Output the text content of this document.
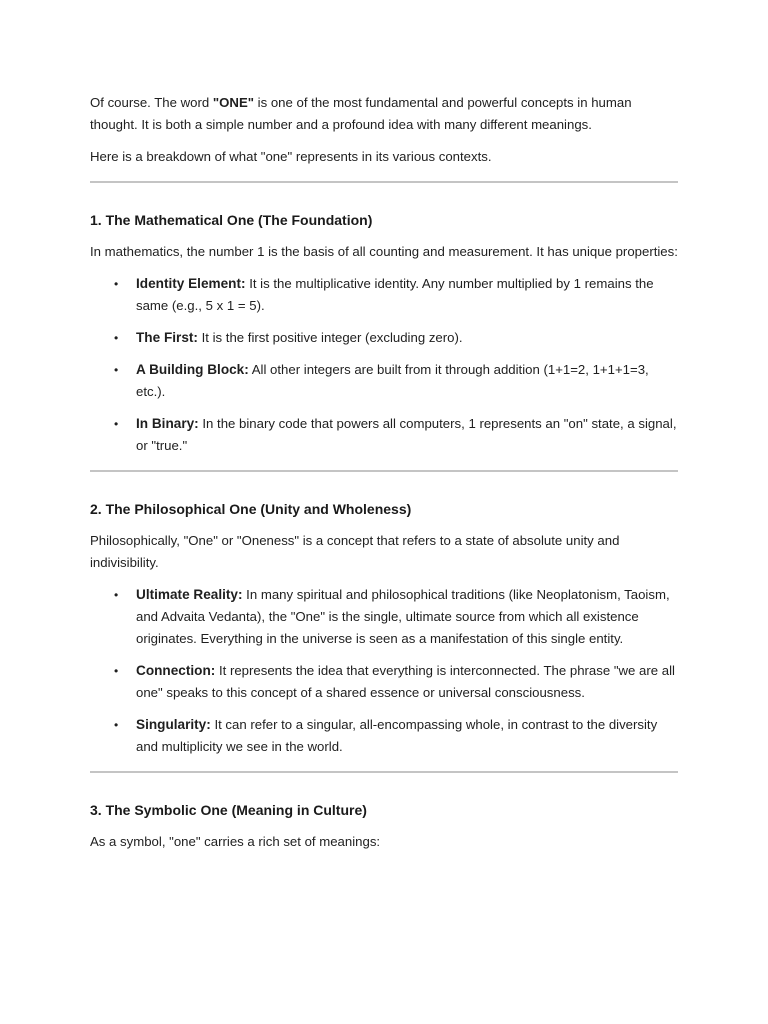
Of course. The word "ONE" is one of the most fundamental and powerful concepts in human thought. It is both a simple number and a profound idea with many different meanings.

Here is a breakdown of what "one" represents in its various contexts.

1. The Mathematical One (The Foundation)

In mathematics, the number 1 is the basis of all counting and measurement. It has unique properties:

• Identity Element: It is the multiplicative identity. Any number multiplied by 1 remains the same (e.g., 5 x 1 = 5).
• The First: It is the first positive integer (excluding zero).
• A Building Block: All other integers are built from it through addition (1+1=2, 1+1+1=3, etc.).
• In Binary: In the binary code that powers all computers, 1 represents an "on" state, a signal, or "true."
2. The Philosophical One (Unity and Wholeness)

Philosophically, "One" or "Oneness" is a concept that refers to a state of absolute unity and indivisibility.

• Ultimate Reality: In many spiritual and philosophical traditions (like Neoplatonism, Taoism, and Advaita Vedanta), the "One" is the single, ultimate source from which all existence originates. Everything in the universe is seen as a manifestation of this single entity.
• Connection: It represents the idea that everything is interconnected. The phrase "we are all one" speaks to this concept of a shared essence or universal consciousness.
• Singularity: It can refer to a singular, all-encompassing whole, in contrast to the diversity and multiplicity we see in the world.
3. The Symbolic One (Meaning in Culture)

As a symbol, "one" carries a rich set of meanings:
